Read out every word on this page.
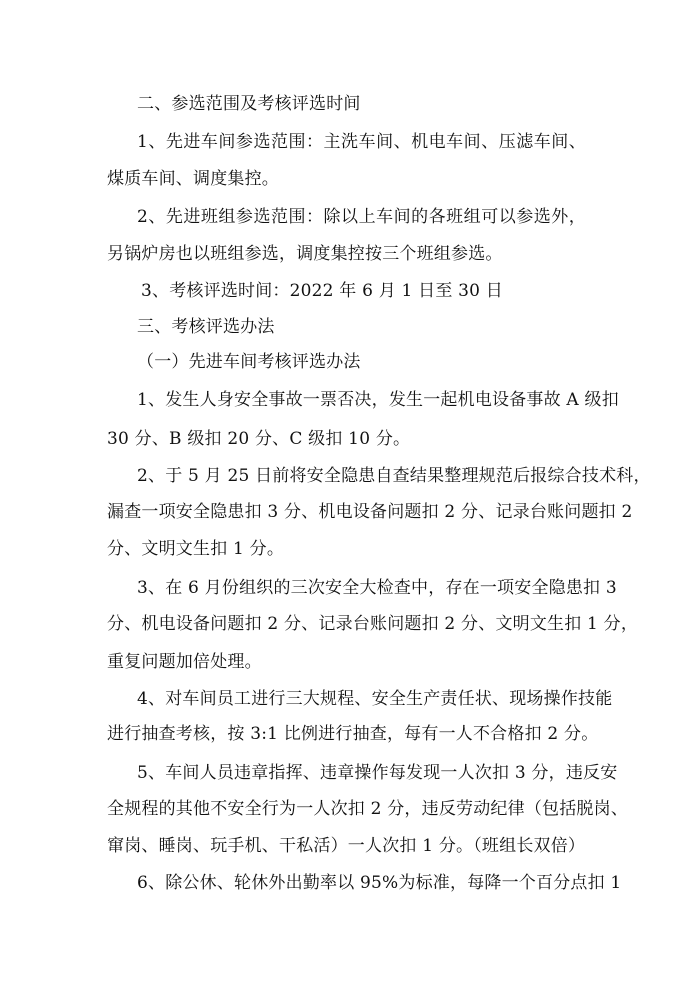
二、参选范围及考核评选时间
1、先进车间参选范围：主洗车间、机电车间、压滤车间、
煤质车间、调度集控。
2、先进班组参选范围：除以上车间的各班组可以参选外，
另锅炉房也以班组参选，调度集控按三个班组参选。
3、考核评选时间：2022 年 6 月 1 日至 30 日
三、考核评选办法
（一）先进车间考核评选办法
1、发生人身安全事故一票否决，发生一起机电设备事故 A 级扣
30 分、B 级扣 20 分、C 级扣 10 分。
2、于 5 月 25 日前将安全隐患自查结果整理规范后报综合技术科，
漏查一项安全隐患扣 3 分、机电设备问题扣 2 分、记录台账问题扣 2
分、文明文生扣 1 分。
3、在 6 月份组织的三次安全大检查中，存在一项安全隐患扣 3
分、机电设备问题扣 2 分、记录台账问题扣 2 分、文明文生扣 1 分，
重复问题加倍处理。
4、对车间员工进行三大规程、安全生产责任状、现场操作技能
进行抽查考核，按 3:1 比例进行抽查，每有一人不合格扣 2 分。
5、车间人员违章指挥、违章操作每发现一人次扣 3 分，违反安
全规程的其他不安全行为一人次扣 2 分，违反劳动纪律（包括脱岗、
窜岗、睡岗、玩手机、干私活）一人次扣 1 分。（班组长双倍）
6、除公休、轮休外出勤率以 95%为标准，每降一个百分点扣 1
